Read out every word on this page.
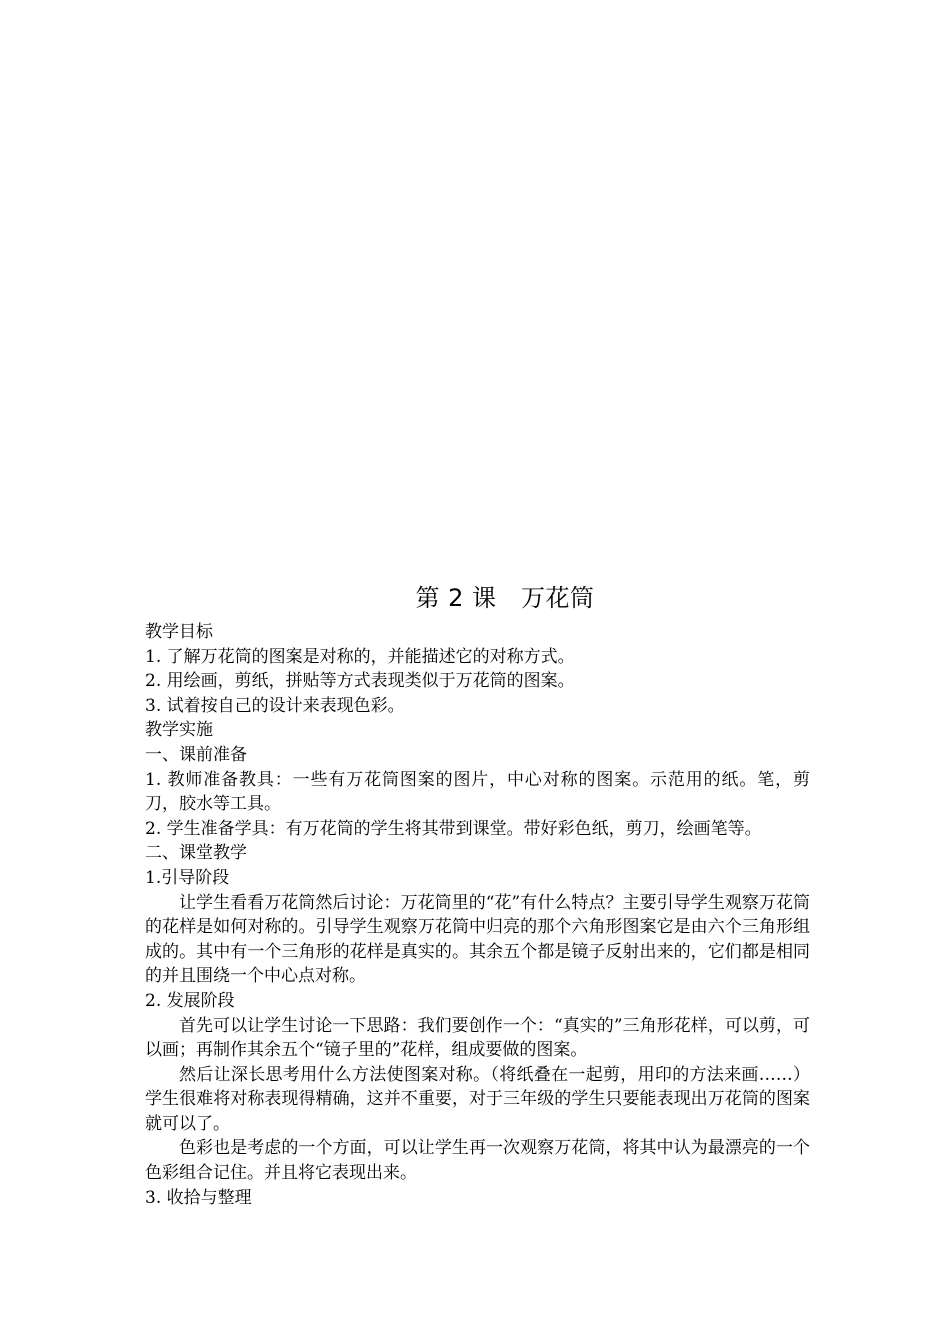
第 2 课　万花筒

教学目标

1. 了解万花筒的图案是对称的，并能描述它的对称方式。

2. 用绘画，剪纸，拼贴等方式表现类似于万花筒的图案。

3. 试着按自己的设计来表现色彩。

教学实施

一、课前准备

1. 教师准备教具：一些有万花筒图案的图片，中心对称的图案。示范用的纸。笔，剪刀，胶水等工具。

2. 学生准备学具：有万花筒的学生将其带到课堂。带好彩色纸，剪刀，绘画笔等。

二、课堂教学

1.引导阶段

让学生看看万花筒然后讨论：万花筒里的“花”有什么特点？主要引导学生观察万花筒的花样是如何对称的。引导学生观察万花筒中归亮的那个六角形图案它是由六个三角形组成的。其中有一个三角形的花样是真实的。其余五个都是镜子反射出来的，它们都是相同的并且围绕一个中心点对称。

2. 发展阶段

首先可以让学生讨论一下思路：我们要创作一个：“真实的”三角形花样，可以剪，可以画；再制作其余五个“镜子里的”花样，组成要做的图案。

然后让深长思考用什么方法使图案对称。（将纸叠在一起剪，用印的方法来画……）学生很难将对称表现得精确，这并不重要，对于三年级的学生只要能表现出万花筒的图案就可以了。

色彩也是考虑的一个方面，可以让学生再一次观察万花筒，将其中认为最漂亮的一个色彩组合记住。并且将它表现出来。

3. 收拾与整理
